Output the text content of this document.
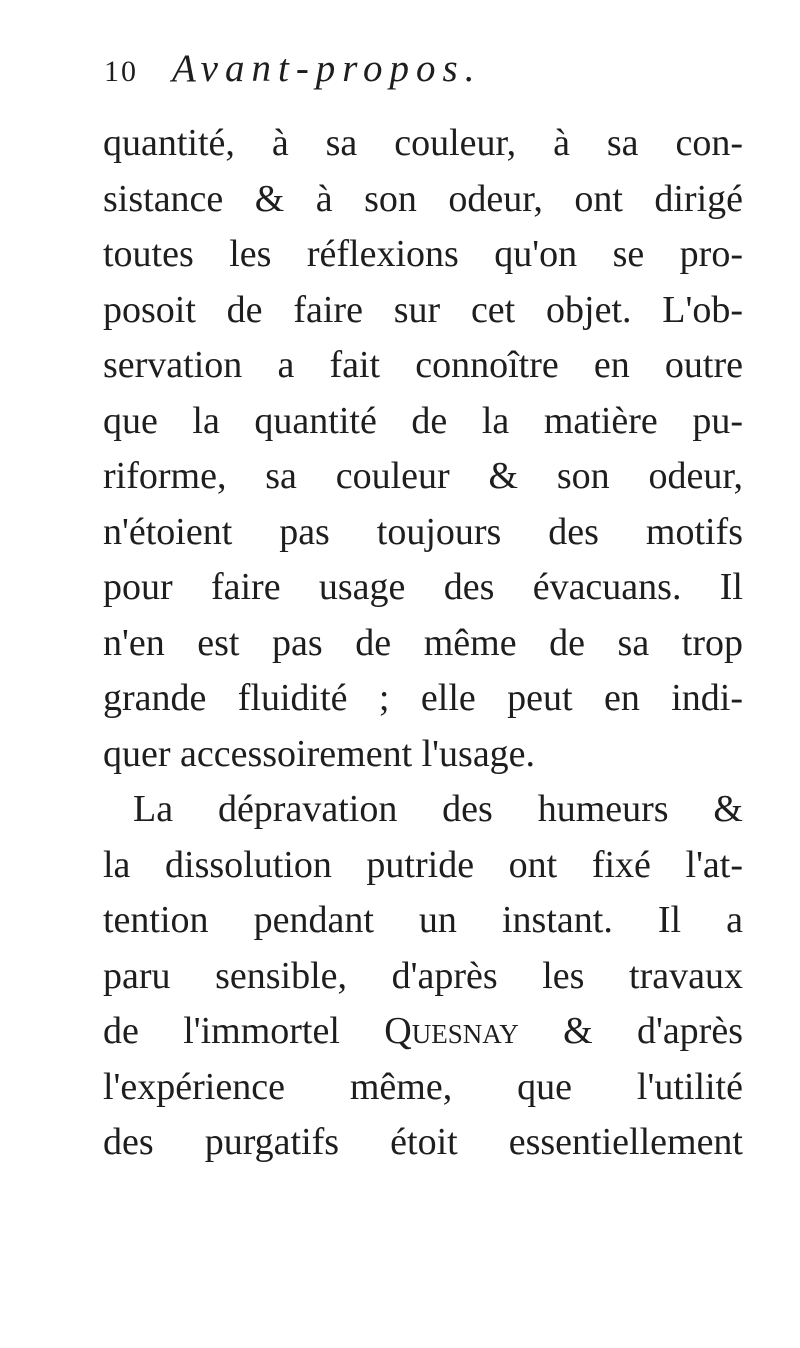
10 Avant-propos.
quantité, à sa couleur, à sa con-
sistance & à son odeur, ont dirigé
toutes les réflexions qu'on se pro-
posoit de faire sur cet objet. L'ob-
servation a fait connoître en outre
que la quantité de la matière pu-
riforme, sa couleur & son odeur,
n'étoient pas toujours des motifs
pour faire usage des évacuans. Il
n'en est pas de même de sa trop
grande fluidité ; elle peut en indi-
quer accessoirement l'usage.
La dépravation des humeurs &
la dissolution putride ont fixé l'at-
tention pendant un instant. Il a
paru sensible, d'après les travaux
de l'immortel Quesnay & d'après
l'expérience même, que l'utilité
des purgatifs étoit essentiellement
